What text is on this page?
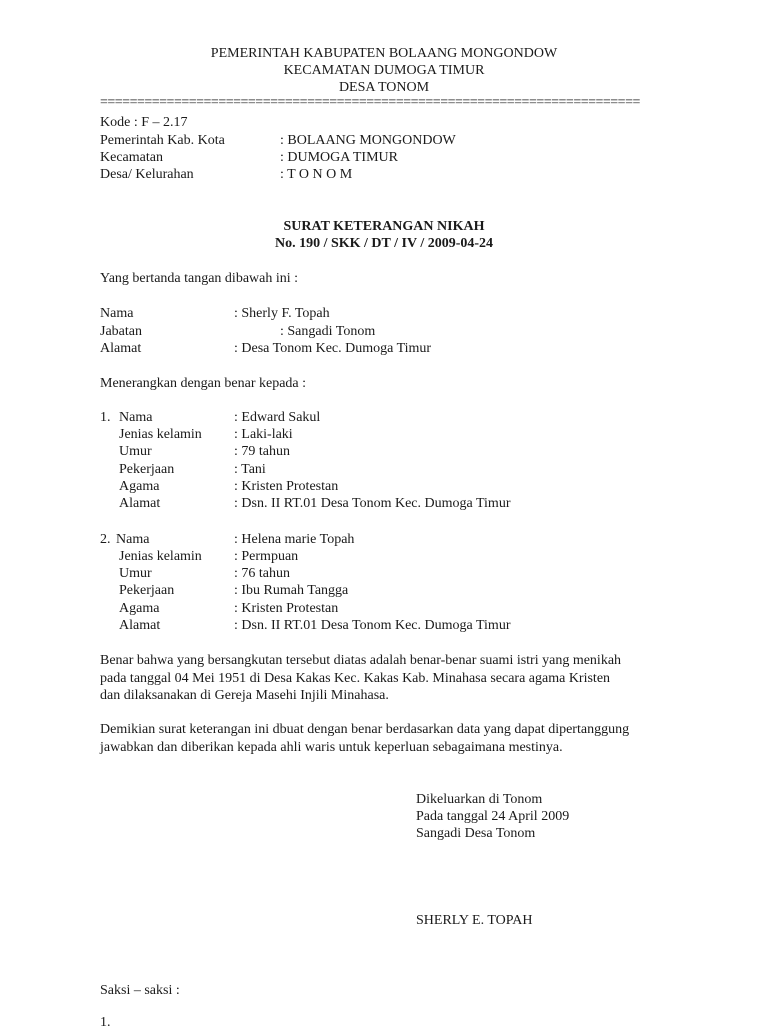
PEMERINTAH KABUPATEN BOLAANG MONGONDOW
KECAMATAN DUMOGA TIMUR
DESA TONOM
=========================================================================
Kode : F – 2.17
Pemerintah Kab. Kota	: BOLAANG MONGONDOW
Kecamatan	: DUMOGA TIMUR
Desa/ Kelurahan	: T O N O M
SURAT KETERANGAN NIKAH
No. 190 / SKK / DT / IV / 2009-04-24
Yang bertanda tangan dibawah ini :
Nama	: Sherly F. Topah
Jabatan	: Sangadi Tonom
Alamat	: Desa Tonom Kec. Dumoga Timur
Menerangkan dengan benar kepada :
1. Nama	: Edward Sakul
Jenias kelamin : Laki-laki
Umur	: 79 tahun
Pekerjaan	: Tani
Agama	: Kristen Protestan
Alamat	: Dsn. II RT.01 Desa Tonom Kec. Dumoga Timur
2. Nama	: Helena marie Topah
Jenias kelamin : Permpuan
Umur	: 76 tahun
Pekerjaan	: Ibu Rumah Tangga
Agama	: Kristen Protestan
Alamat	: Dsn. II RT.01 Desa Tonom Kec. Dumoga Timur
Benar bahwa yang bersangkutan tersebut diatas adalah benar-benar suami istri yang menikah
pada tanggal 04 Mei 1951 di Desa Kakas Kec. Kakas Kab. Minahasa secara agama Kristen
dan dilaksanakan di Gereja Masehi Injili Minahasa.
Demikian surat keterangan ini dbuat dengan benar berdasarkan data yang dapat dipertanggung
jawabkan dan diberikan kepada ahli waris untuk keperluan sebagaimana mestinya.
Dikeluarkan di Tonom
Pada tanggal 24 April 2009
Sangadi Desa Tonom
SHERLY E. TOPAH
Saksi – saksi :
1.
